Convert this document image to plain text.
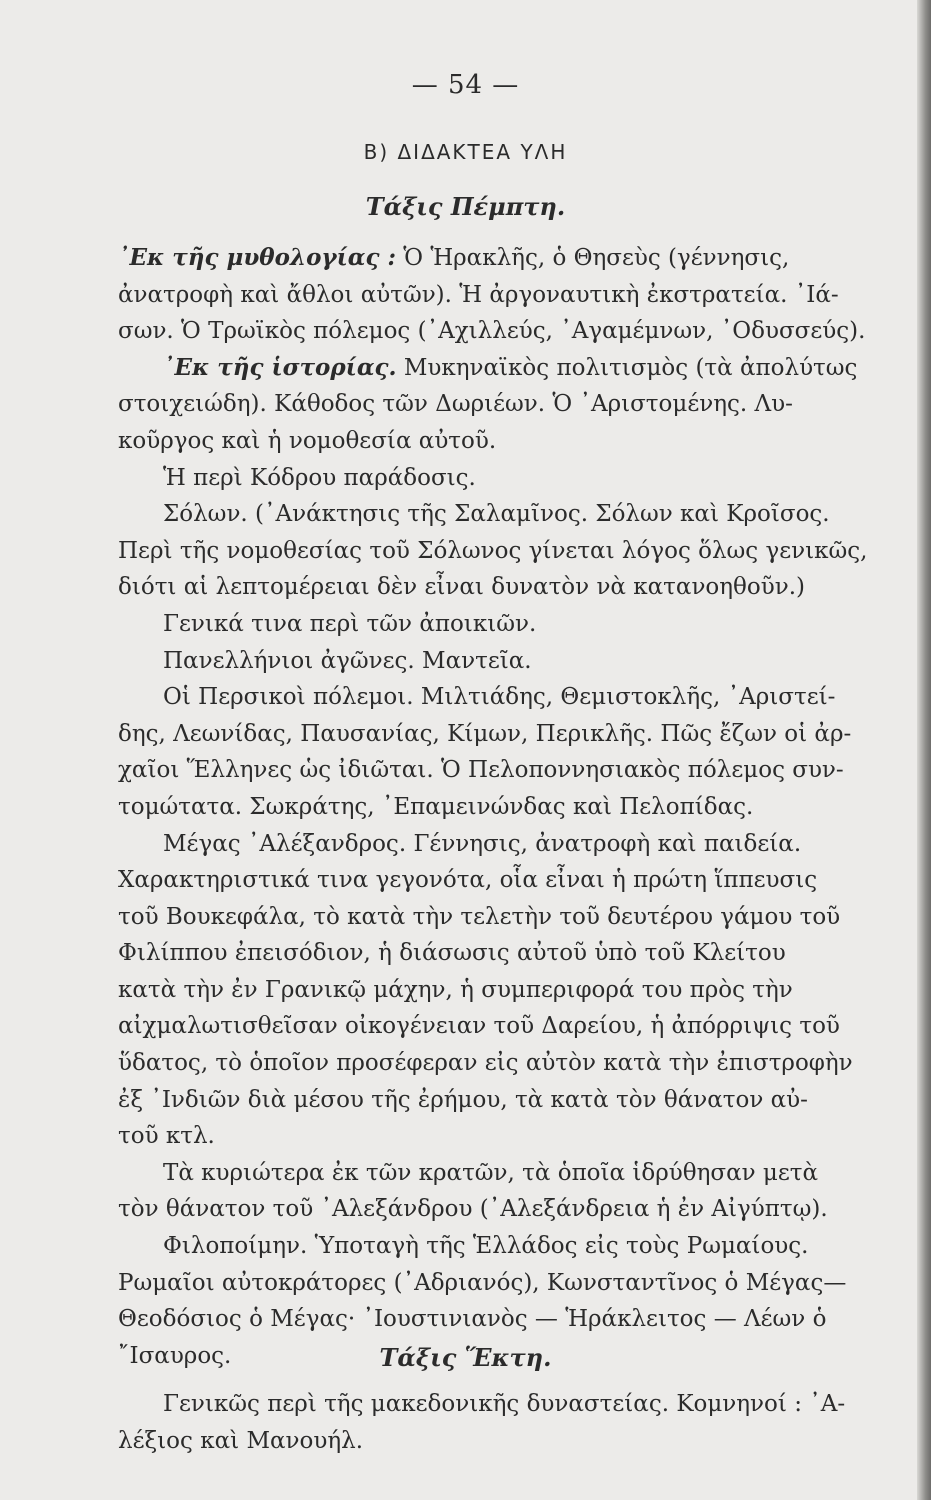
— 54 —
Β) ΔΙΔΑΚΤΕΑ ΥΛΗ
Τάξις Πέμπτη.
᾿Εκ τῆς μυθολογίας : Ὁ Ἡρακλῆς, ὁ Θησεὺς (γέννησις,
ἀνατροφὴ καὶ ἄθλοι αὐτῶν). Ἡ ἀργοναυτικὴ ἐκστρατεία. ᾿Ιά-
σων. Ὁ Τρωϊκὸς πόλεμος (᾿Αχιλλεύς, ᾿Αγαμέμνων, ᾿Οδυσσεύς).
᾿Εκ τῆς ἱστορίας. Μυκηναϊκὸς πολιτισμὸς (τὰ ἀπολύτως
στοιχειώδη). Κάθοδος τῶν Δωριέων. Ὁ ᾿Αριστομένης. Λυ-
κοῦργος καὶ ἡ νομοθεσία αὐτοῦ.
Ἡ περὶ Κόδρου παράδοσις.
Σόλων. (᾿Ανάκτησις τῆς Σαλαμῖνος. Σόλων καὶ Κροῖσος.
Περὶ τῆς νομοθεσίας τοῦ Σόλωνος γίνεται λόγος ὅλως γενικῶς,
διότι αἱ λεπτομέρειαι δὲν εἶναι δυνατὸν νὰ κατανοηθοῦν.)
Γενικά τινα περὶ τῶν ἀποικιῶν.
Πανελλήνιοι ἀγῶνες. Μαντεῖα.
Οἱ Περσικοὶ πόλεμοι. Μιλτιάδης, Θεμιστοκλῆς, ᾿Αριστεί-
δης, Λεωνίδας, Παυσανίας, Κίμων, Περικλῆς. Πῶς ἔζων οἱ ἀρ-
χαῖοι Ἕλληνες ὡς ἰδιῶται. Ὁ Πελοποννησιακὸς πόλεμος συν-
τομώτατα. Σωκράτης, ᾿Επαμεινώνδας καὶ Πελοπίδας.
Μέγας ᾿Αλέξανδρος. Γέννησις, ἀνατροφὴ καὶ παιδεία.
Χαρακτηριστικά τινα γεγονότα, οἷα εἶναι ἡ πρώτη ἵππευσις
τοῦ Βουκεφάλα, τὸ κατὰ τὴν τελετὴν τοῦ δευτέρου γάμου τοῦ
Φιλίππου ἐπεισόδιον, ἡ διάσωσις αὐτοῦ ὑπὸ τοῦ Κλείτου
κατὰ τὴν ἐν Γρανικῷ μάχην, ἡ συμπεριφορά του πρὸς τὴν
αἰχμαλωτισθεῖσαν οἰκογένειαν τοῦ Δαρείου, ἡ ἀπόρριψις τοῦ
ὕδατος, τὸ ὁποῖον προσέφεραν εἰς αὐτὸν κατὰ τὴν ἐπιστροφὴν
ἐξ ᾿Ινδιῶν διὰ μέσου τῆς ἐρήμου, τὰ κατὰ τὸν θάνατον αὐ-
τοῦ κτλ.
Τὰ κυριώτερα ἐκ τῶν κρατῶν, τὰ ὁποῖα ἱδρύθησαν μετὰ
τὸν θάνατον τοῦ ᾿Αλεξάνδρου (᾿Αλεξάνδρεια ἡ ἐν Αἰγύπτῳ).
Φιλοποίμην. Ὑποταγὴ τῆς Ἑλλάδος εἰς τοὺς Ρωμαίους.
Ρωμαῖοι αὐτοκράτορες (᾿Αδριανός), Κωνσταντῖνος ὁ Μέγας—
Θεοδόσιος ὁ Μέγας· ᾿Ιουστινιανὸς — Ἡράκλειτος — Λέων ὁ
῎Ισαυρος.	Τάξις Ἕκτη.
Γενικῶς περὶ τῆς μακεδονικῆς δυναστείας. Κομνηνοί : ᾿Α-
λέξιος καὶ Μανουήλ.
